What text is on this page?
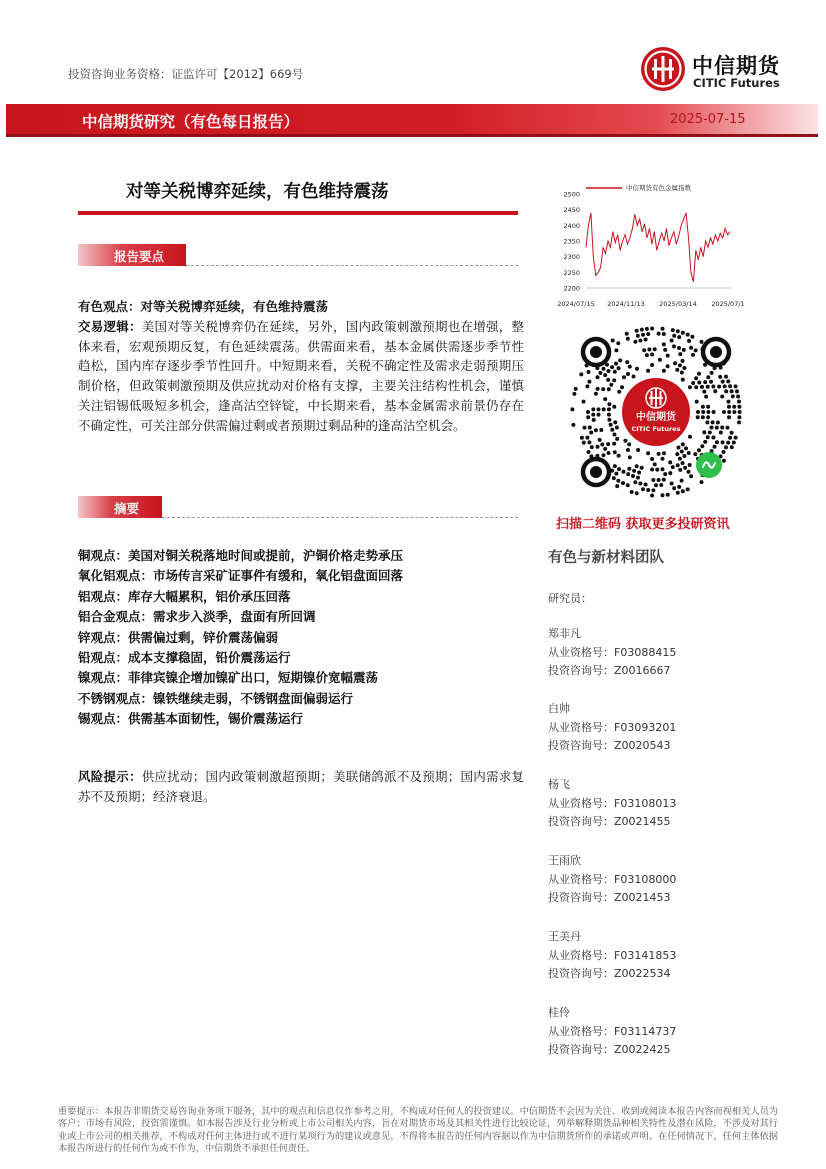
投资咨询业务资格：证监许可【2012】669号	中信期货
CITIC Futures
中信期货研究（有色每日报告）	2025-07-15
对等关税博弈延续，有色维持震荡
报告要点
有色观点：对等关税博弈延续，有色维持震荡
交易逻辑：美国对等关税博弈仍在延续，另外，国内政策刺激预期也在增强，整体来看，宏观预期反复，有色延续震荡。供需面来看，基本金属供需逐步季节性趋松，国内库存逐步季节性回升。中短期来看，关税不确定性及需求走弱预期压制价格，但政策刺激预期及供应扰动对价格有支撑，主要关注结构性机会，谨慎关注铝锡低吸短多机会，逢高沽空锌锭，中长期来看，基本金属需求前景仍存在不确定性，可关注部分供需偏过剩或者预期过剩品种的逢高沽空机会。
摘要
铜观点：美国对铜关税落地时间或提前，沪铜价格走势承压
氧化铝观点：市场传言采矿证事件有缓和，氧化铝盘面回落
铝观点：库存大幅累积，铝价承压回落
铝合金观点：需求步入淡季，盘面有所回调
锌观点：供需偏过剩，锌价震荡偏弱
铅观点：成本支撑稳固，铅价震荡运行
镍观点：菲律宾镍企增加镍矿出口，短期镍价宽幅震荡
不锈钢观点：镍铁继续走弱，不锈钢盘面偏弱运行
锡观点：供需基本面韧性，锡价震荡运行
风险提示：供应扰动；国内政策刺激超预期；美联储鸽派不及预期；国内需求复苏不及预期；经济衰退。
中信期货有色金属指数
2500
2450
2400
2350
2300
2250
2200
2024/07/15 2024/11/13 2025/03/14 2025/07/1
中信期货
CITIC Futures
扫描二维码 获取更多投研资讯
有色与新材料团队
研究员：
郑非凡
从业资格号：F03088415
投资咨询号：Z0016667
白帅
从业资格号：F03093201
投资咨询号：Z0020543
杨飞
从业资格号：F03108013
投资咨询号：Z0021455
王雨欣
从业资格号：F03108000
投资咨询号：Z0021453
王美丹
从业资格号：F03141853
投资咨询号：Z0022534
桂伶
从业资格号：F03114737
投资咨询号：Z0022425
重要提示：本报告非期货交易咨询业务项下服务，其中的观点和信息仅作参考之用，不构成对任何人的投资建议。中信期货不会因为关注、收到或阅读本报告内容而视相关人员为客户；市场有风险，投资需谨慎。如本报告涉及行业分析或上市公司相关内容，旨在对期货市场及其相关性进行比较论证，列举解释期货品种相关特性及潜在风险，不涉及对其行业或上市公司的相关推荐，不构成对任何主体进行或不进行某项行为的建议或意见，不得将本报告的任何内容据以作为中信期货所作的承诺或声明。在任何情况下，任何主体依据本报告所进行的任何作为或不作为，中信期货不承担任何责任。
